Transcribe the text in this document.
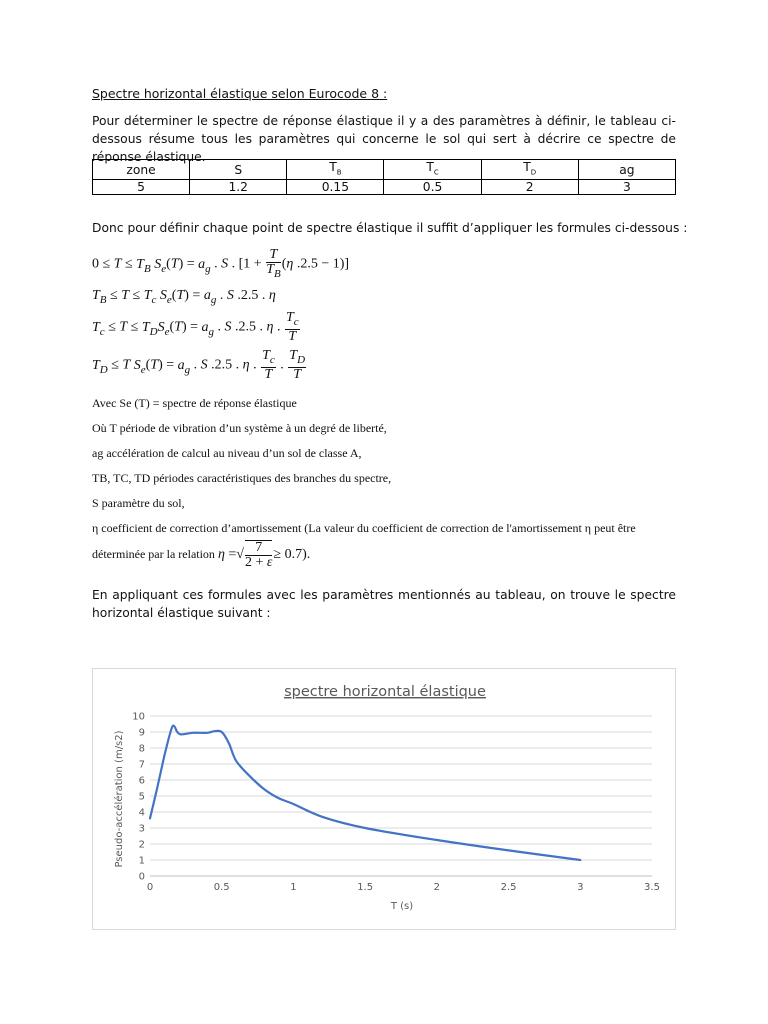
Spectre horizontal élastique selon Eurocode 8 :
Pour déterminer le spectre de réponse élastique il y a des paramètres à définir, le tableau ci-dessous résume tous les paramètres qui concerne le sol qui sert à décrire ce spectre de réponse élastique.
zone	S	$T_B$	$T_C$	$T_D$	ag
5	1.2	0.15	0.5	2	3
Donc pour définir chaque point de spectre élastique il suffit d’appliquer les formules ci-dessous :
$0 \le T \le T_B$ $S_e(T) = a_g$ . S . [$1 + \frac{T}{T_B} (\eta$ .2.5 − 1)]
$T_B \le T \le T_c$ $S_e(T) = a_g$ . S .2.5 . η
$T_c \le T \le T_DS_e(T) = a_g$ . S .2.5 . η . $\frac{T_c}{T}$
$T_D \le T$ $S_e(T) = a_g$ . S .2.5 . η . $\frac{T_c}{T}$ . $\frac{T_D}{T}$
Avec Se (T) = spectre de réponse élastique
Où T période de vibration d’un système à un degré de liberté,
ag accélération de calcul au niveau d’un sol de classe A,
TB, TC, TD périodes caractéristiques des branches du spectre,
S paramètre du sol,
η coefficient de correction d’amortissement (La valeur du coefficient de correction de l'amortissement η peut être
déterminée par la relation η =√ $\frac{7}{2 + \varepsilon} \ge 0.7$).
En appliquant ces formules avec les paramètres mentionnés au tableau, on trouve le spectre horizontal élastique suivant :
spectre horizontal élastique
0
1
2
3
4
5
6
7
8
9
10
0	0.5	1	1.5	2	2.5	3	3.5
T (s)
Pseudo-accélération (m/s2)
